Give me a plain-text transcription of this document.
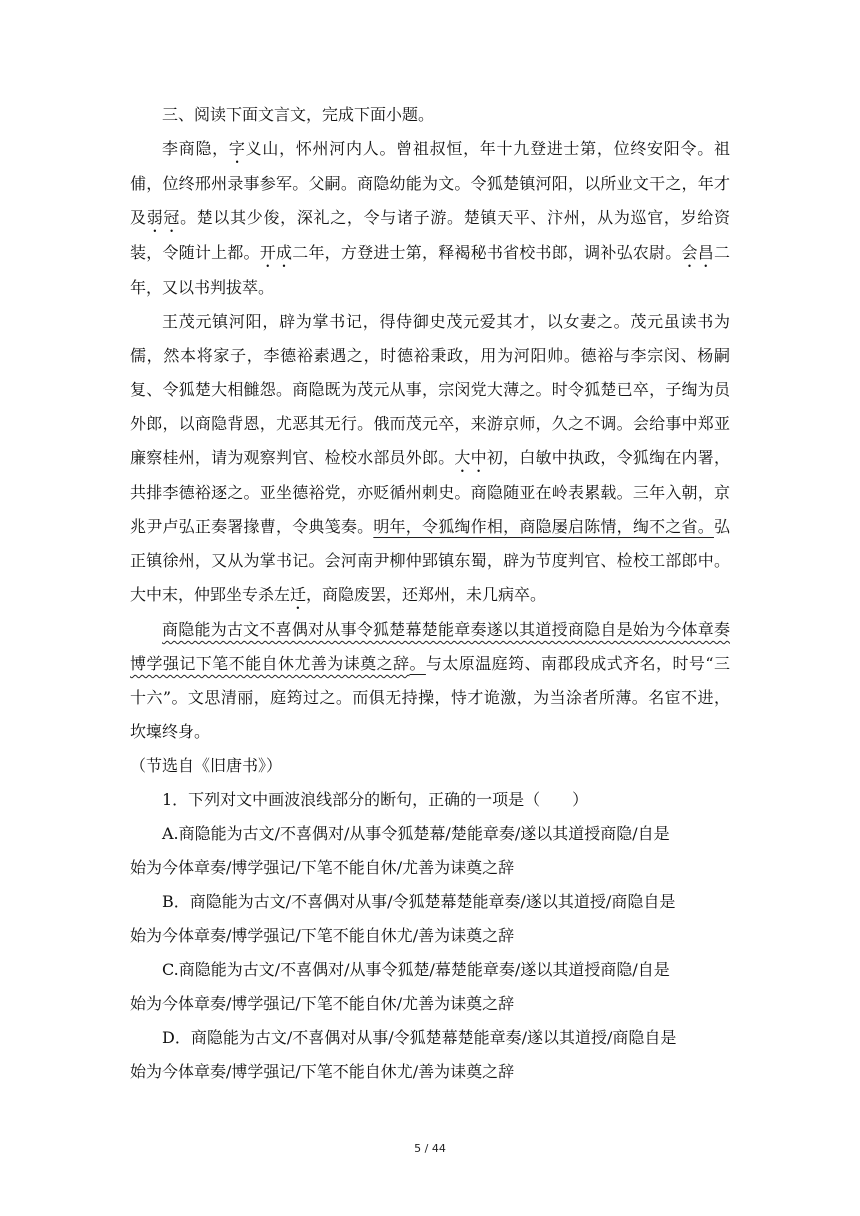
三、阅读下面文言文，完成下面小题。

李商隐，字义山，怀州河内人。曾祖叔恒，年十九登进士第，位终安阳令。祖俌，位终邢州录事参军。父嗣。商隐幼能为文。令狐楚镇河阳，以所业文干之，年才及弱冠。楚以其少俊，深礼之，令与诸子游。楚镇天平、汴州，从为巡官，岁给资装，令随计上都。开成二年，方登进士第，释褐秘书省校书郎，调补弘农尉。会昌二年，又以书判拔萃。

王茂元镇河阳，辟为掌书记，得侍御史茂元爱其才，以女妻之。茂元虽读书为儒，然本将家子，李德裕素遇之，时德裕秉政，用为河阳帅。德裕与李宗闵、杨嗣复、令狐楚大相雠怨。商隐既为茂元从事，宗闵党大薄之。时令狐楚已卒，子绹为员外郎，以商隐背恩，尤恶其无行。俄而茂元卒，来游京师，久之不调。会给事中郑亚廉察桂州，请为观察判官、检校水部员外郎。大中初，白敏中执政，令狐绹在内署，共排李德裕逐之。亚坐德裕党，亦贬循州刺史。商隐随亚在岭表累载。三年入朝，京兆尹卢弘正奏署掾曹，令典笺奏。明年，令狐绹作相，商隐屡启陈情，绹不之省。弘正镇徐州，又从为掌书记。会河南尹柳仲郢镇东蜀，辟为节度判官、检校工部郎中。大中末，仲郢坐专杀左迁，商隐废罢，还郑州，未几病卒。

商隐能为古文不喜偶对从事令狐楚幕楚能章奏遂以其道授商隐自是始为今体章奏博学强记下笔不能自休尤善为诔奠之辞。与太原温庭筠、南郡段成式齐名，时号“三十六”。文思清丽，庭筠过之。而俱无持操，恃才诡激，为当涂者所薄。名宦不进，坎壈终身。

（节选自《旧唐书》）

1．下列对文中画波浪线部分的断句，正确的一项是（　　）

A.商隐能为古文/不喜偶对/从事令狐楚幕/楚能章奏/遂以其道授商隐/自是

始为今体章奏/博学强记/下笔不能自休/尤善为诔奠之辞

B．商隐能为古文/不喜偶对从事/令狐楚幕楚能章奏/遂以其道授/商隐自是

始为今体章奏/博学强记/下笔不能自休尤/善为诔奠之辞

C.商隐能为古文/不喜偶对/从事令狐楚/幕楚能章奏/遂以其道授商隐/自是

始为今体章奏/博学强记/下笔不能自休/尤善为诔奠之辞

D．商隐能为古文/不喜偶对从事/令狐楚幕楚能章奏/遂以其道授/商隐自是

始为今体章奏/博学强记/下笔不能自休尤/善为诔奠之辞

5 / 44
